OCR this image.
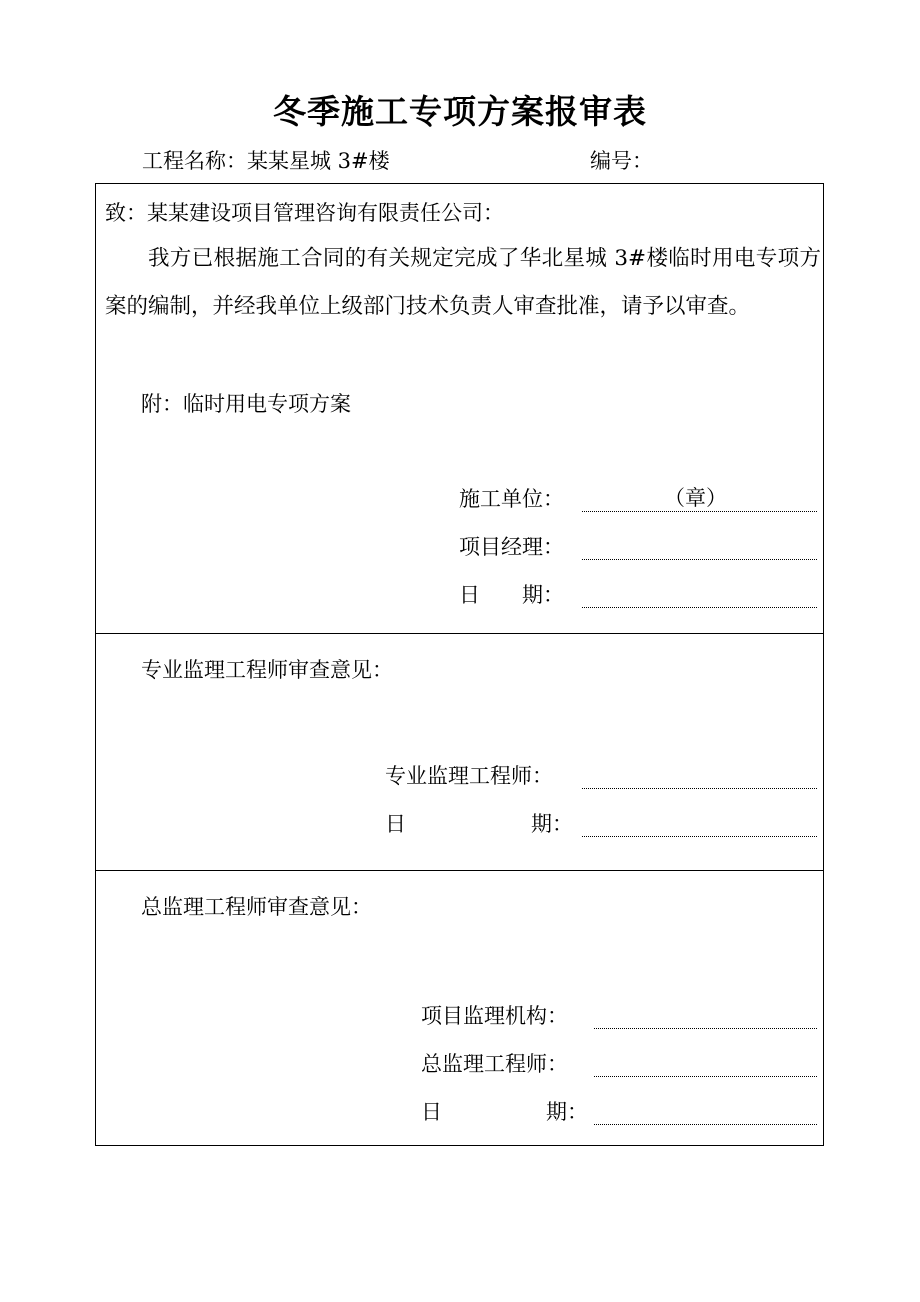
冬季施工专项方案报审表
工程名称：某某星城 3#楼	编号：
致：某某建设项目管理咨询有限责任公司：
我方已根据施工合同的有关规定完成了华北星城 3#楼临时用电专项方案的编制，并经我单位上级部门技术负责人审查批准，请予以审查。
附：临时用电专项方案
施工单位：	（章）
项目经理：
日　　期：
专业监理工程师审查意见：
专业监理工程师：
日	期：
总监理工程师审查意见：
项目监理机构：
总监理工程师：
日	期：
